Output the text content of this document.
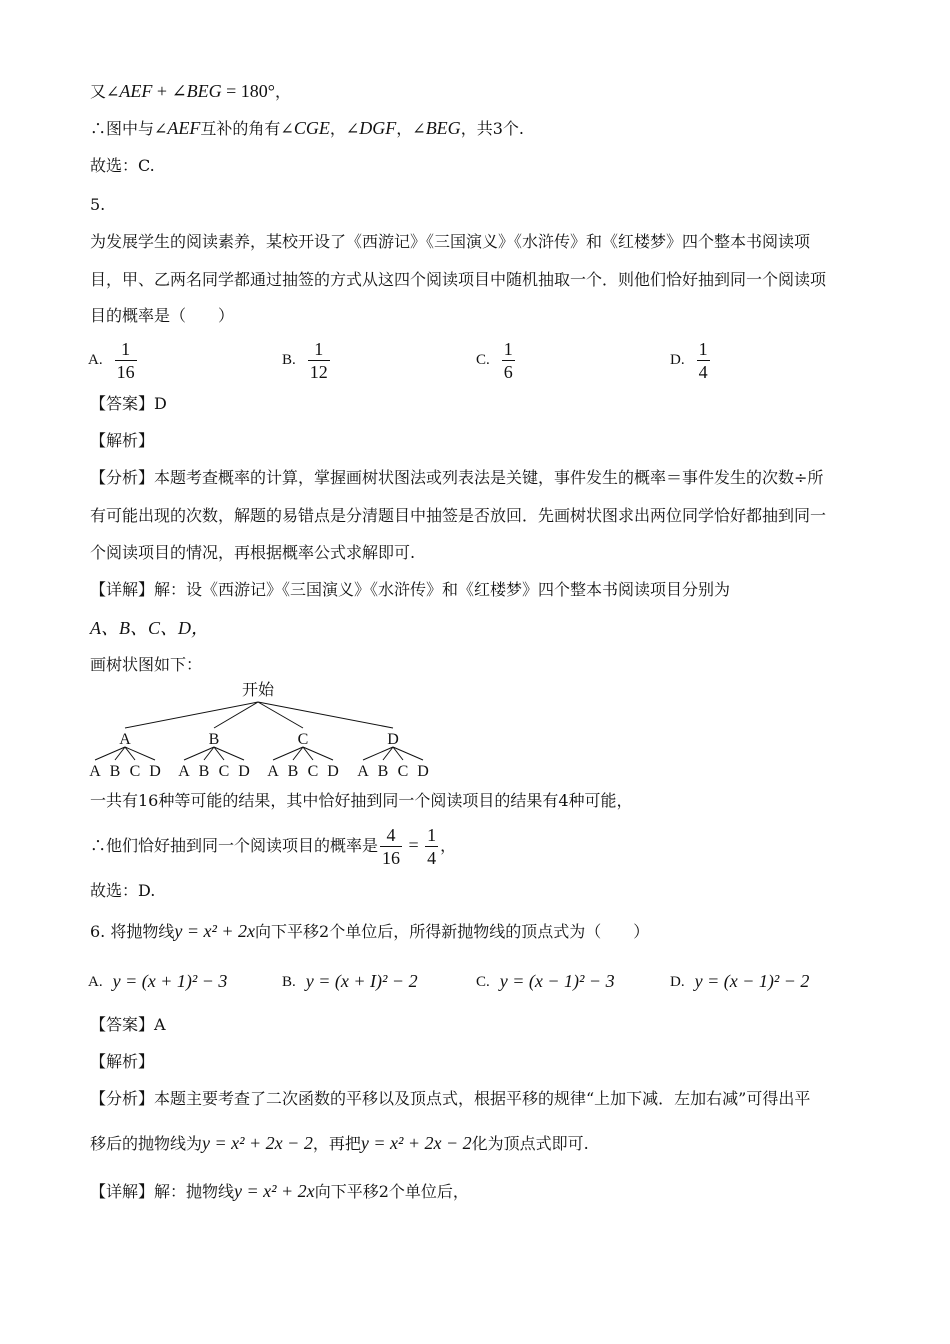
又∠AEF + ∠BEG = 180°，
∴图中与∠AEF互补的角有∠CGE，∠DGF，∠BEG，共3个.
故选：C.
5.
为发展学生的阅读素养，某校开设了《西游记》《三国演义》《水浒传》和《红楼梦》四个整本书阅读项
目，甲、乙两名同学都通过抽签的方式从这四个阅读项目中随机抽取一个．则他们恰好抽到同一个阅读项
目的概率是（　　）
A. $\frac{1}{16}$	B. $\frac{1}{12}$	C. $\frac{1}{6}$	D. $\frac{1}{4}$
【答案】D
【解析】
【分析】本题考查概率的计算，掌握画树状图法或列表法是关键，事件发生的概率＝事件发生的次数÷所
有可能出现的次数，解题的易错点是分清题目中抽签是否放回．先画树状图求出两位同学恰好都抽到同一
个阅读项目的情况，再根据概率公式求解即可.
【详解】解：设《西游记》《三国演义》《水浒传》和《红楼梦》四个整本书阅读项目分别为
A、B、C、D，
画树状图如下：
开始
A
A B C D
B
A B C D
C
A B C D
D
A B C D
一共有16种等可能的结果，其中恰好抽到同一个阅读项目的结果有4种可能，
∴他们恰好抽到同一个阅读项目的概率是 $\frac{4}{16} = \frac{1}{4}$ ，
故选：D.
6. 将抛物线y = x² + 2x向下平移2个单位后，所得新抛物线的顶点式为（　　）
A. y = (x + 1)² − 3	B. y = (x + I)² − 2	C. y = (x − 1)² − 3	D. y = (x − 1)² − 2
【答案】A
【解析】
【分析】本题主要考查了二次函数的平移以及顶点式，根据平移的规律“上加下减．左加右减”可得出平
移后的抛物线为y = x² + 2x − 2，再把y = x² + 2x − 2化为顶点式即可.
【详解】解：抛物线y = x² + 2x向下平移2个单位后，
